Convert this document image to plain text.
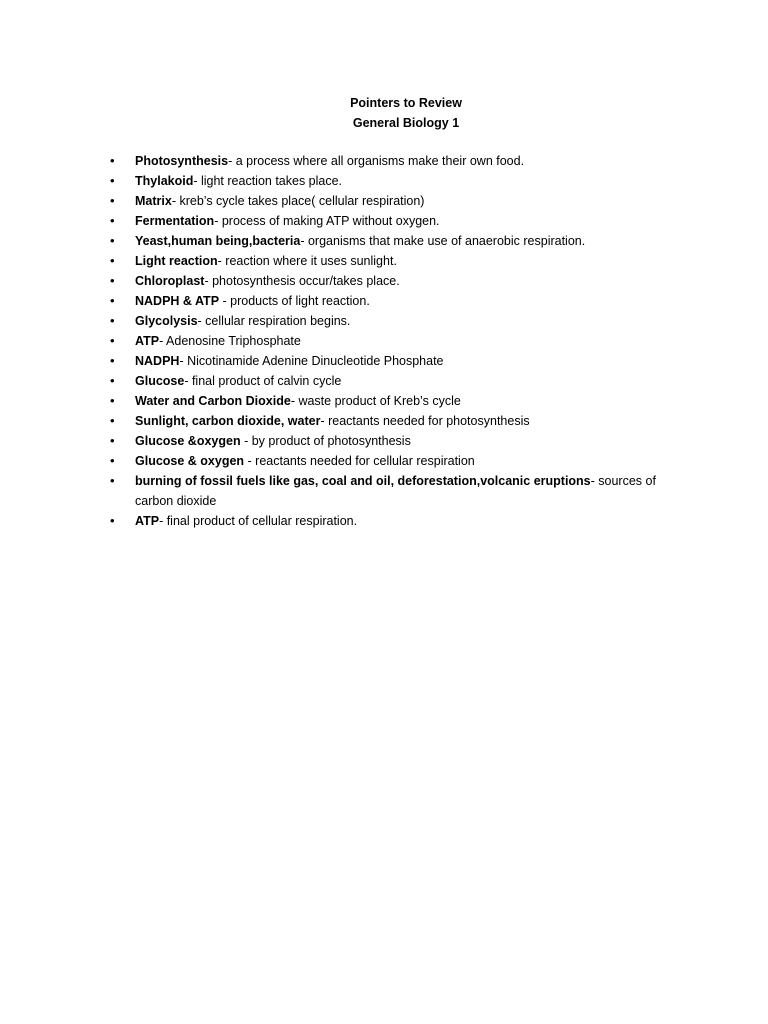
Pointers to Review
General Biology 1
• Photosynthesis- a process where all organisms make their own food.
• Thylakoid- light reaction takes place.
• Matrix- kreb’s cycle takes place( cellular respiration)
• Fermentation- process of making ATP without oxygen.
• Yeast,human being,bacteria- organisms that make use of anaerobic respiration.
• Light reaction- reaction where it uses sunlight.
• Chloroplast- photosynthesis occur/takes place.
• NADPH & ATP - products of light reaction.
• Glycolysis- cellular respiration begins.
• ATP- Adenosine Triphosphate
• NADPH- Nicotinamide Adenine Dinucleotide Phosphate
• Glucose- final product of calvin cycle
• Water and Carbon Dioxide- waste product of Kreb’s cycle
• Sunlight, carbon dioxide, water- reactants needed for photosynthesis
• Glucose &oxygen - by product of photosynthesis
• Glucose & oxygen - reactants needed for cellular respiration
• burning of fossil fuels like gas, coal and oil, deforestation,volcanic eruptions- sources of carbon dioxide
• ATP- final product of cellular respiration.
